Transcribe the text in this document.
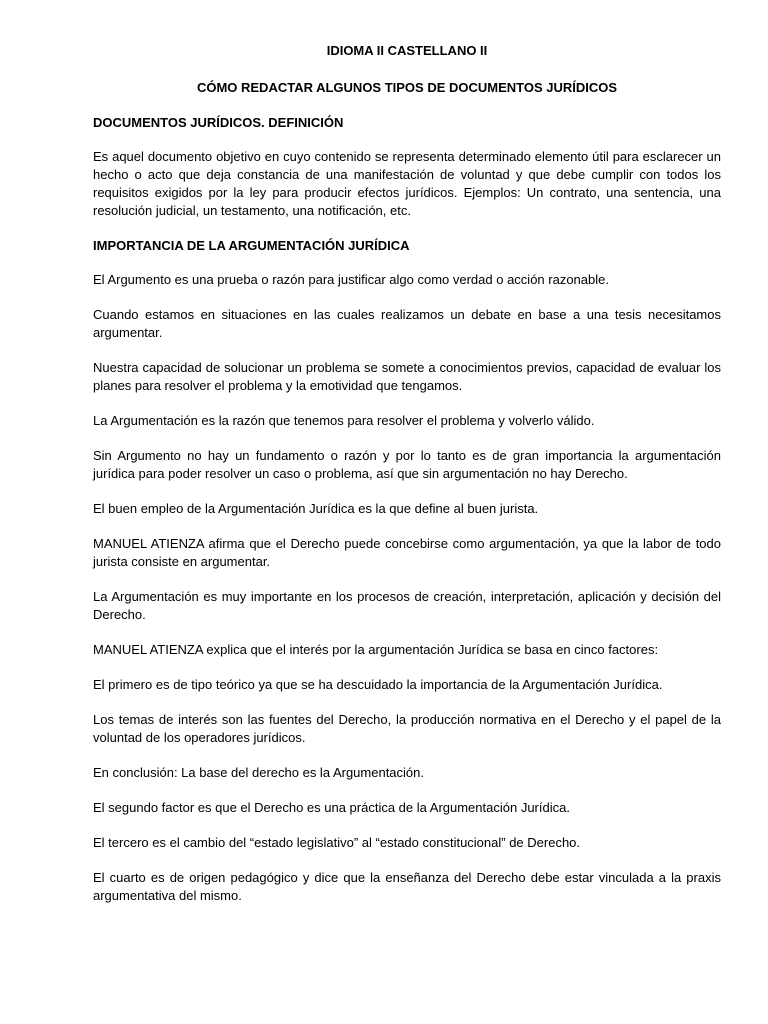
IDIOMA II CASTELLANO II

CÓMO REDACTAR ALGUNOS TIPOS DE DOCUMENTOS JURÍDICOS

DOCUMENTOS JURÍDICOS. DEFINICIÓN

Es aquel documento objetivo en cuyo contenido se representa determinado elemento útil para esclarecer un hecho o acto que deja constancia de una manifestación de voluntad y que debe cumplir con todos los requisitos exigidos por la ley para producir efectos jurídicos. Ejemplos: Un contrato, una sentencia, una resolución judicial, un testamento, una notificación, etc.

IMPORTANCIA DE LA ARGUMENTACIÓN JURÍDICA

El Argumento es una prueba o razón para justificar algo como verdad o acción razonable.

Cuando estamos en situaciones en las cuales realizamos un debate en base a una tesis necesitamos argumentar.

Nuestra capacidad de solucionar un problema se somete a conocimientos previos, capacidad de evaluar los planes para resolver el problema y la emotividad que tengamos.

La Argumentación es la razón que tenemos para resolver el problema y volverlo válido.

Sin Argumento no hay un fundamento o razón y por lo tanto es de gran importancia la argumentación jurídica para poder resolver un caso o problema, así que sin argumentación no hay Derecho.

El buen empleo de la Argumentación Jurídica es la que define al buen jurista.

MANUEL ATIENZA afirma que el Derecho puede concebirse como argumentación, ya que la labor de todo jurista consiste en argumentar.

La Argumentación es muy importante en los procesos de creación, interpretación, aplicación y decisión del Derecho.

MANUEL ATIENZA explica que el interés por la argumentación Jurídica se basa en cinco factores:

El primero es de tipo teórico ya que se ha descuidado la importancia de la Argumentación Jurídica.

Los temas de interés son las fuentes del Derecho, la producción normativa en el Derecho y el papel de la voluntad de los operadores jurídicos.

En conclusión: La base del derecho es la Argumentación.

El segundo factor es que el Derecho es una práctica de la Argumentación Jurídica.

El tercero es el cambio del “estado legislativo” al “estado constitucional” de Derecho.

El cuarto es de origen pedagógico y dice que la enseñanza del Derecho debe estar vinculada a la praxis argumentativa del mismo.
